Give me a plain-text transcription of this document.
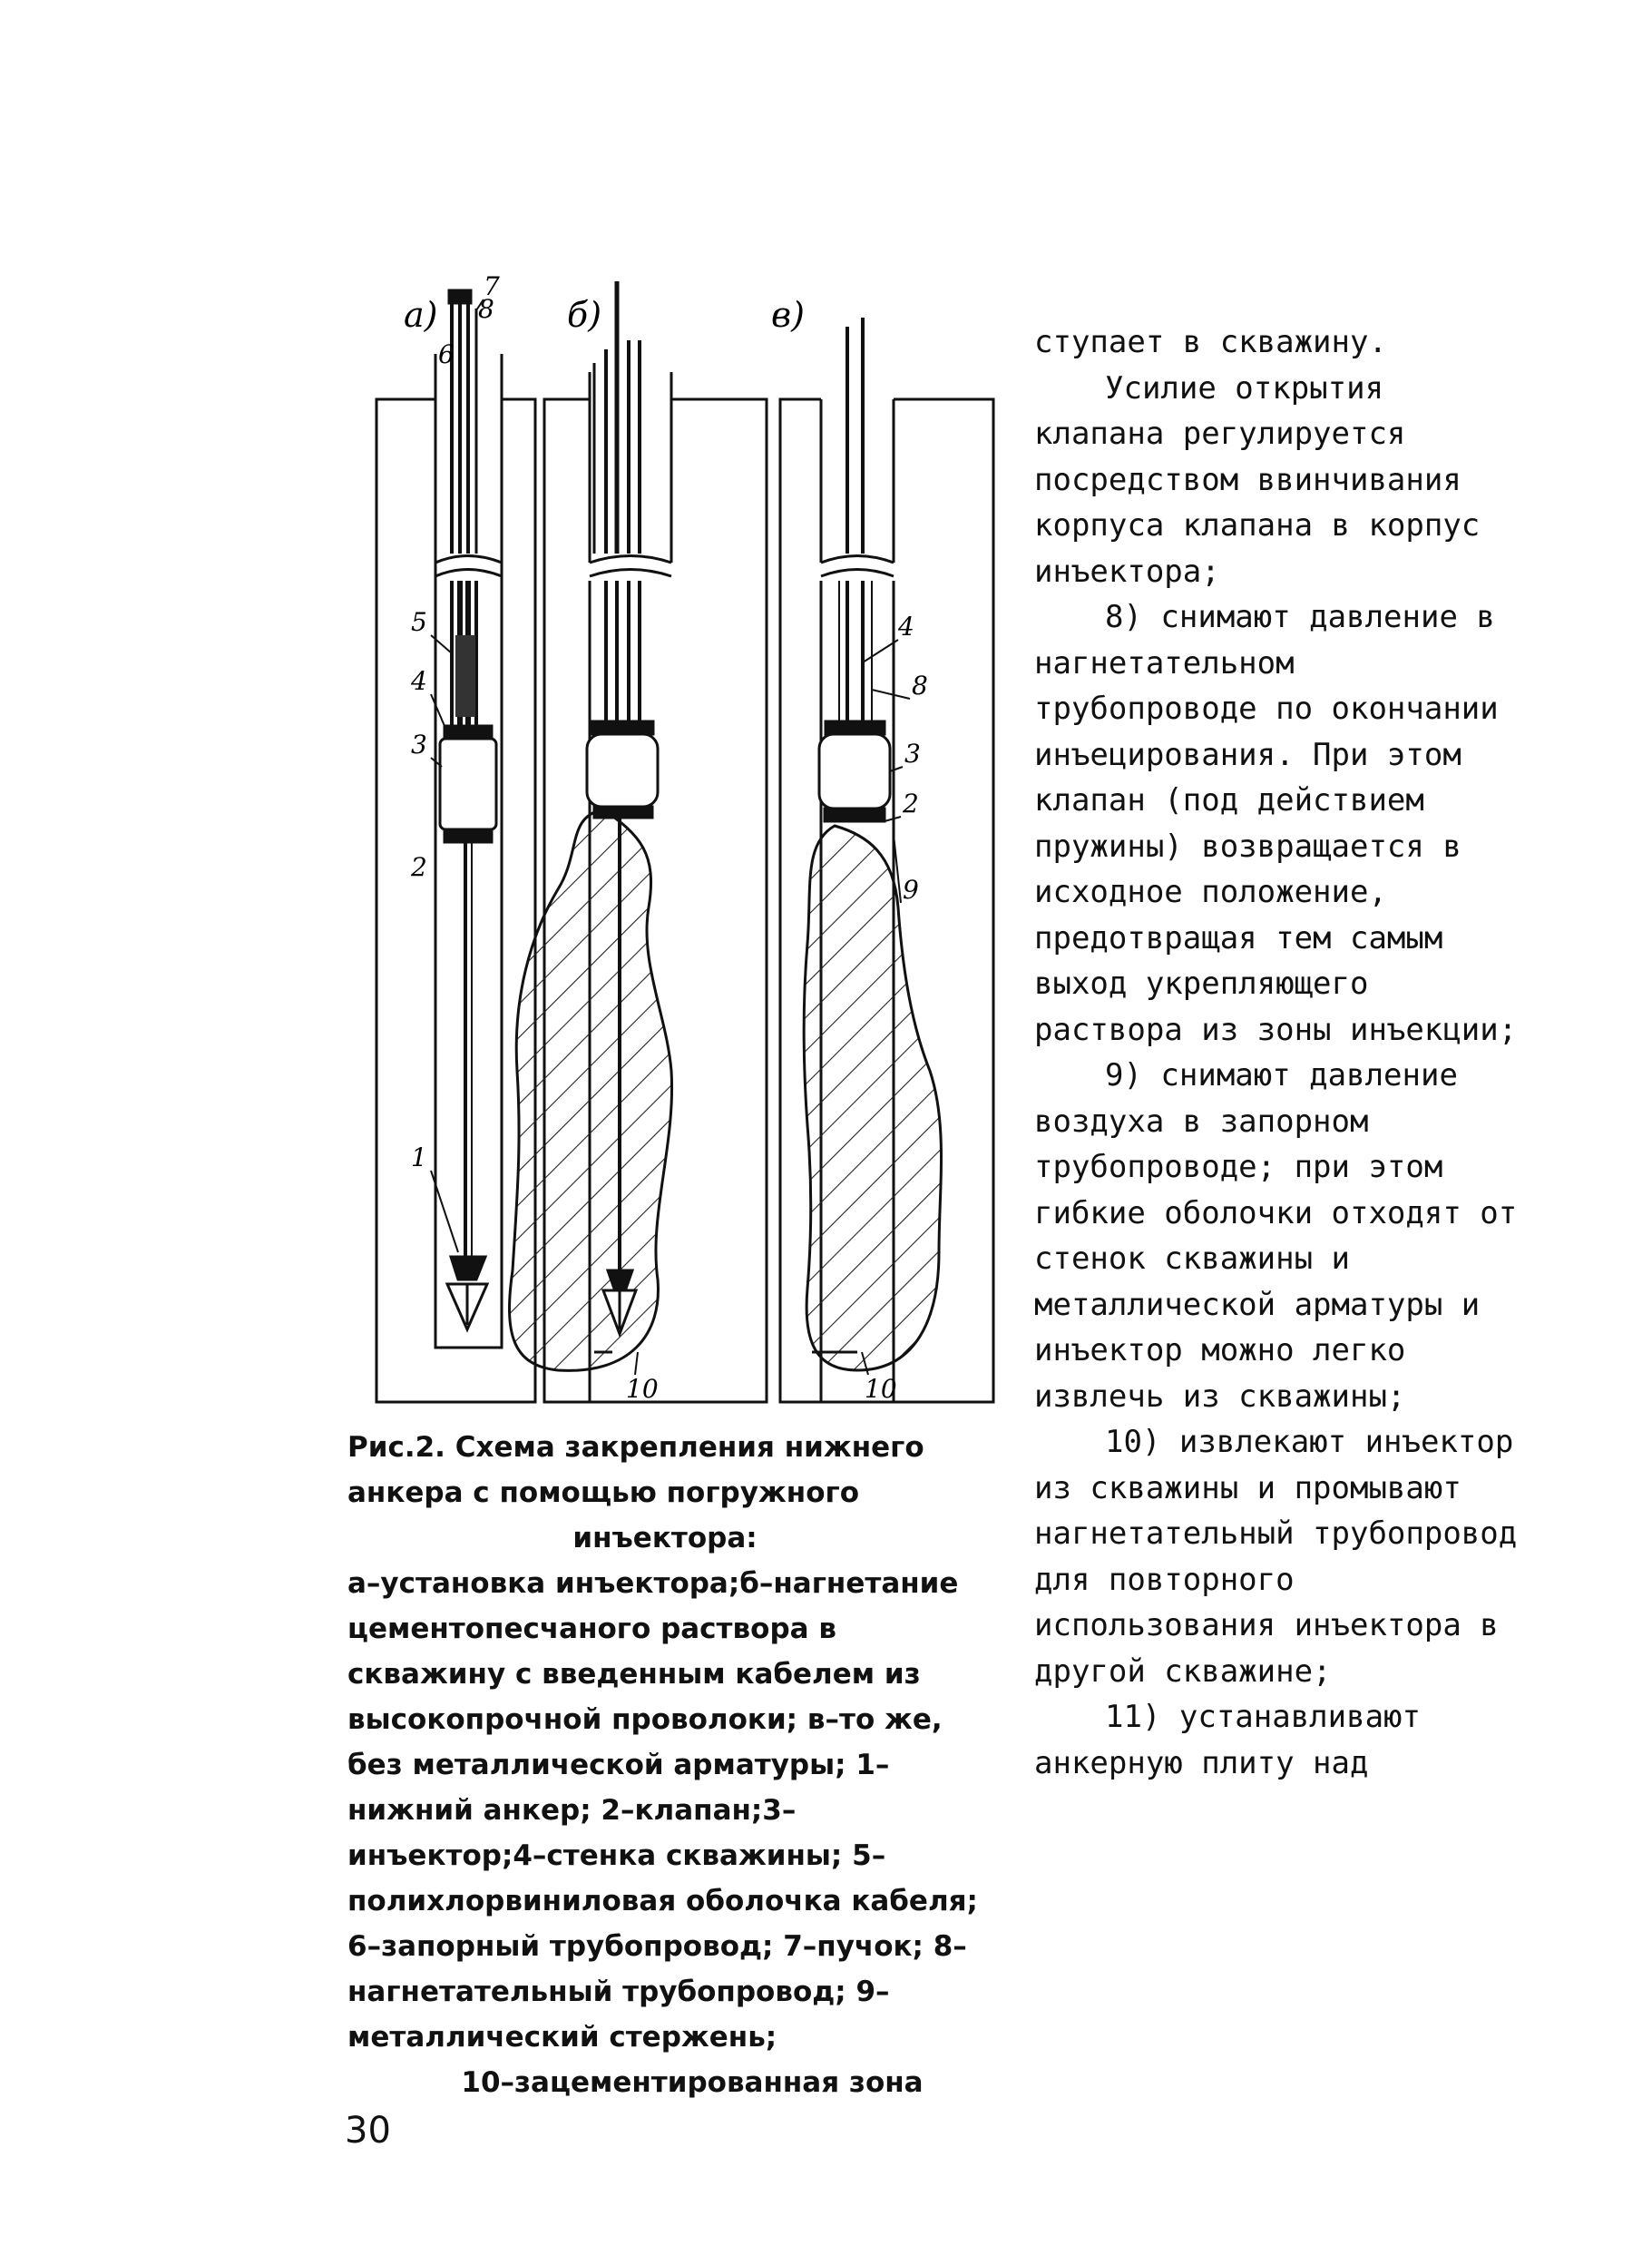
а)	б)	в)
7
8
6
5
4
3
2
1
10
4
8
3
2
9
10
Рис.2. Схема закрепления нижнего анкера с помощью погружного
инъектора:
а–установка инъектора;б–нагнетание цементопесчаного раствора в скважину с введенным кабелем из высокопрочной проволоки; в–то же, без металлической арматуры; 1–нижний анкер; 2–клапан;3–инъектор;4–стенка скважины; 5–полихлорвиниловая оболочка кабеля; 6–запорный трубопровод; 7–пучок; 8–нагнетательный трубопровод; 9–металлический стержень;
10–зацементированная зона

ступает в скважину.

Усилие открытия клапана регулируется посредством ввинчивания корпуса клапана в корпус инъектора;

8) снимают давление в нагнетательном трубопроводе по окончании инъецирования. При этом клапан (под действием пружины) возвращается в исходное положение, предотвращая тем самым выход укрепляющего раствора из зоны инъекции;

9) снимают давление воздуха в запорном трубопроводе; при этом гибкие оболочки отходят от стенок скважины и металлической арматуры и инъектор можно легко извлечь из скважины;

10) извлекают инъектор из скважины и промывают нагнетательный трубопровод для повторного использования инъектора в другой скважине;

11) устанавливают анкерную плиту над

30
